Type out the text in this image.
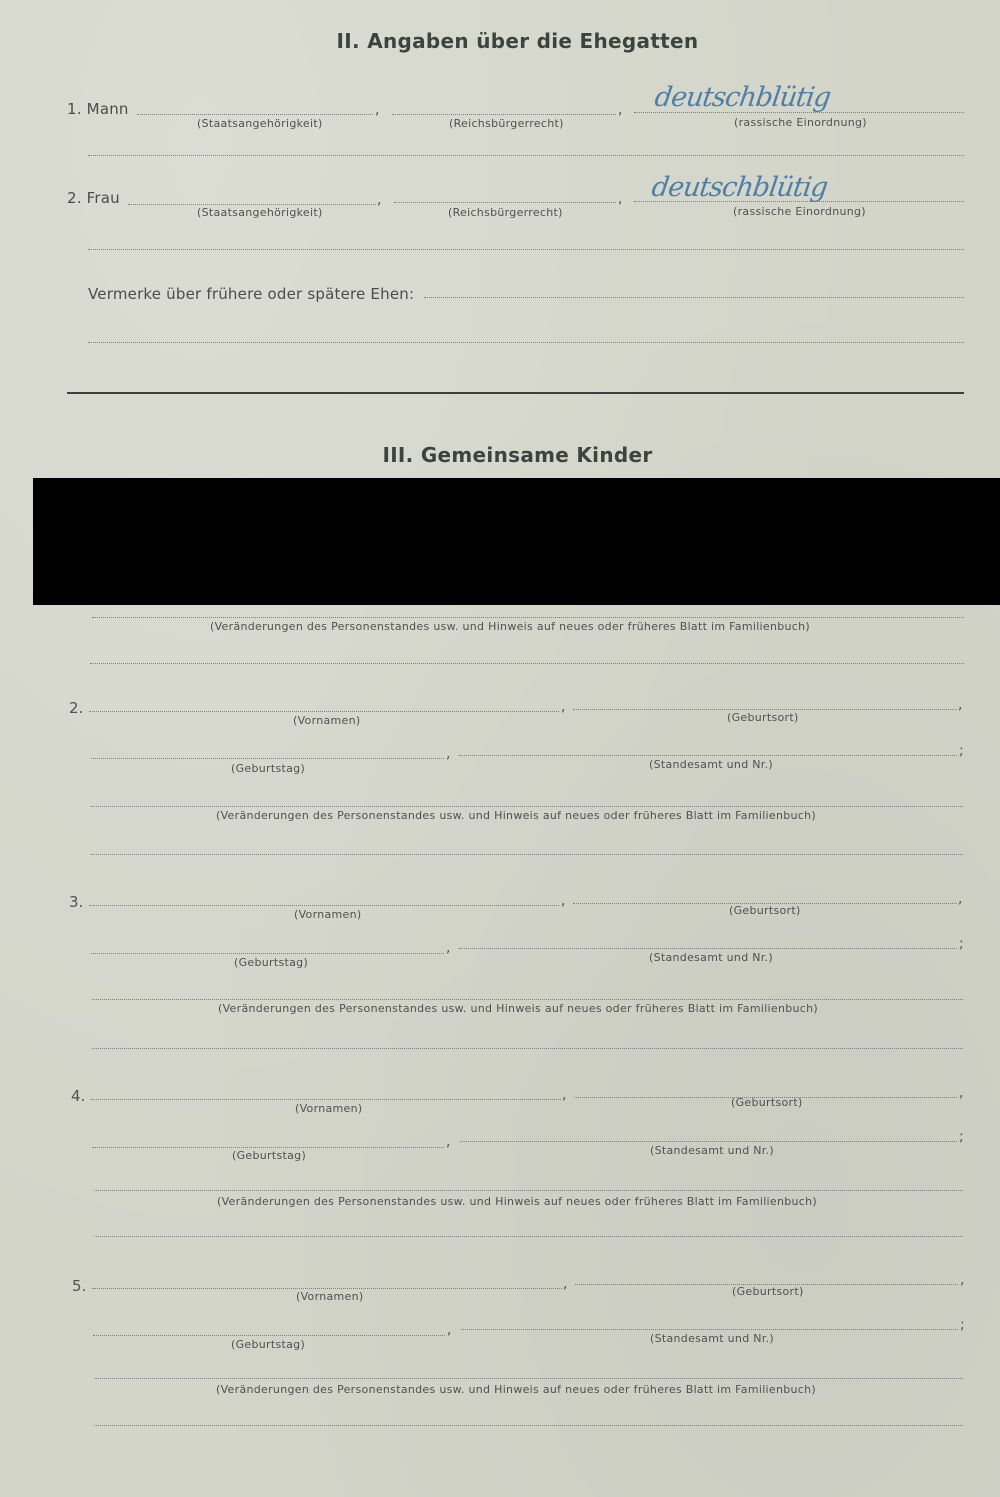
II. Angaben über die Ehegatten
1. Mann	,	, deutschblütig
(Staatsangehörigkeit)	(Reichsbürgerrecht)	(rassische Einordnung)
2. Frau	,	, deutschblütig
(Staatsangehörigkeit)	(Reichsbürgerrecht)	(rassische Einordnung)
Vermerke über frühere oder spätere Ehen:
III. Gemeinsame Kinder
(Veränderungen des Personenstandes usw. und Hinweis auf neues oder früheres Blatt im Familienbuch)
2.	,	,
(Vornamen)	(Geburtsort)
,	;
(Geburtstag)	(Standesamt und Nr.)
(Veränderungen des Personenstandes usw. und Hinweis auf neues oder früheres Blatt im Familienbuch)
3.	,	,
(Vornamen)	(Geburtsort)
,	;
(Geburtstag)	(Standesamt und Nr.)
(Veränderungen des Personenstandes usw. und Hinweis auf neues oder früheres Blatt im Familienbuch)
4.	,	,
(Vornamen)	(Geburtsort)
,	;
(Geburtstag)	(Standesamt und Nr.)
(Veränderungen des Personenstandes usw. und Hinweis auf neues oder früheres Blatt im Familienbuch)
5.	,	,
(Vornamen)	(Geburtsort)
,	;
(Geburtstag)	(Standesamt und Nr.)
(Veränderungen des Personenstandes usw. und Hinweis auf neues oder früheres Blatt im Familienbuch)
